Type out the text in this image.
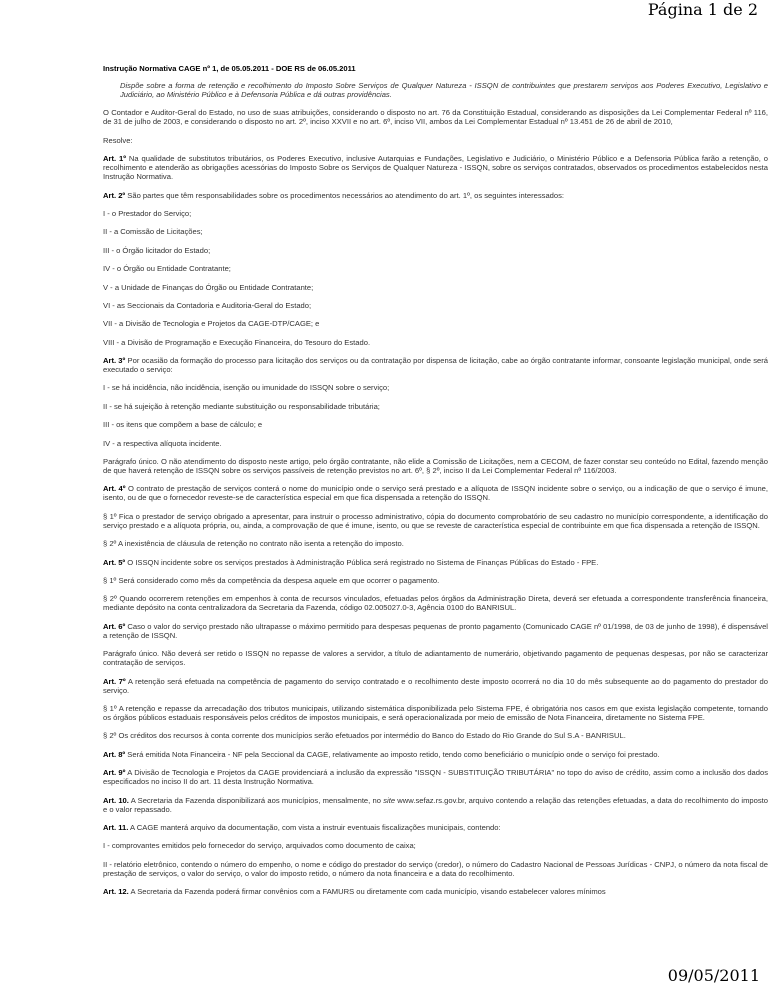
Página 1 de 2

Instrução Normativa CAGE nº 1, de 05.05.2011 - DOE RS de 06.05.2011

Dispõe sobre a forma de retenção e recolhimento do Imposto Sobre Serviços de Qualquer Natureza - ISSQN de contribuintes que prestarem serviços aos Poderes Executivo, Legislativo e Judiciário, ao Ministério Público e à Defensoria Pública e dá outras providências.

O Contador e Auditor-Geral do Estado, no uso de suas atribuições, considerando o disposto no art. 76 da Constituição Estadual, considerando as disposições da Lei Complementar Federal nº 116, de 31 de julho de 2003, e considerando o disposto no art. 2º, inciso XXVII e no art. 6º, inciso VII, ambos da Lei Complementar Estadual nº 13.451 de 26 de abril de 2010,

Resolve:

Art. 1º Na qualidade de substitutos tributários, os Poderes Executivo, inclusive Autarquias e Fundações, Legislativo e Judiciário, o Ministério Público e a Defensoria Pública farão a retenção, o recolhimento e atenderão as obrigações acessórias do Imposto Sobre os Serviços de Qualquer Natureza - ISSQN, sobre os serviços contratados, observados os procedimentos estabelecidos nesta Instrução Normativa.

Art. 2º São partes que têm responsabilidades sobre os procedimentos necessários ao atendimento do art. 1º, os seguintes interessados:

I - o Prestador do Serviço;

II - a Comissão de Licitações;

III - o Órgão licitador do Estado;

IV - o Órgão ou Entidade Contratante;

V - a Unidade de Finanças do Órgão ou Entidade Contratante;

VI - as Seccionais da Contadoria e Auditoria-Geral do Estado;

VII - a Divisão de Tecnologia e Projetos da CAGE-DTP/CAGE; e

VIII - a Divisão de Programação e Execução Financeira, do Tesouro do Estado.

Art. 3º Por ocasião da formação do processo para licitação dos serviços ou da contratação por dispensa de licitação, cabe ao órgão contratante informar, consoante legislação municipal, onde será executado o serviço:

I - se há incidência, não incidência, isenção ou imunidade do ISSQN sobre o serviço;

II - se há sujeição à retenção mediante substituição ou responsabilidade tributária;

III - os itens que compõem a base de cálculo; e

IV - a respectiva alíquota incidente.

Parágrafo único. O não atendimento do disposto neste artigo, pelo órgão contratante, não elide a Comissão de Licitações, nem a CECOM, de fazer constar seu conteúdo no Edital, fazendo menção de que haverá retenção de ISSQN sobre os serviços passíveis de retenção previstos no art. 6º, § 2º, inciso II da Lei Complementar Federal nº 116/2003.

Art. 4º O contrato de prestação de serviços conterá o nome do município onde o serviço será prestado e a alíquota de ISSQN incidente sobre o serviço, ou a indicação de que o serviço é imune, isento, ou de que o fornecedor reveste-se de característica especial em que fica dispensada a retenção do ISSQN.

§ 1º Fica o prestador de serviço obrigado a apresentar, para instruir o processo administrativo, cópia do documento comprobatório de seu cadastro no município correspondente, a identificação do serviço prestado e a alíquota própria, ou, ainda, a comprovação de que é imune, isento, ou que se reveste de característica especial de contribuinte em que fica dispensada a retenção de ISSQN.

§ 2º A inexistência de cláusula de retenção no contrato não isenta a retenção do imposto.

Art. 5º O ISSQN incidente sobre os serviços prestados à Administração Pública será registrado no Sistema de Finanças Públicas do Estado - FPE.

§ 1º Será considerado como mês da competência da despesa aquele em que ocorrer o pagamento.

§ 2º Quando ocorrerem retenções em empenhos à conta de recursos vinculados, efetuadas pelos órgãos da Administração Direta, deverá ser efetuada a correspondente transferência financeira, mediante depósito na conta centralizadora da Secretaria da Fazenda, código 02.005027.0-3, Agência 0100 do BANRISUL.

Art. 6º Caso o valor do serviço prestado não ultrapasse o máximo permitido para despesas pequenas de pronto pagamento (Comunicado CAGE nº 01/1998, de 03 de junho de 1998), é dispensável a retenção de ISSQN.

Parágrafo único. Não deverá ser retido o ISSQN no repasse de valores a servidor, a título de adiantamento de numerário, objetivando pagamento de pequenas despesas, por não se caracterizar contratação de serviços.

Art. 7º A retenção será efetuada na competência de pagamento do serviço contratado e o recolhimento deste imposto ocorrerá no dia 10 do mês subsequente ao do pagamento do prestador do serviço.

§ 1º A retenção e repasse da arrecadação dos tributos municipais, utilizando sistemática disponibilizada pelo Sistema FPE, é obrigatória nos casos em que exista legislação competente, tornando os órgãos públicos estaduais responsáveis pelos créditos de impostos municipais, e será operacionalizada por meio de emissão de Nota Financeira, diretamente no Sistema FPE.

§ 2º Os créditos dos recursos à conta corrente dos municípios serão efetuados por intermédio do Banco do Estado do Rio Grande do Sul S.A - BANRISUL.

Art. 8º Será emitida Nota Financeira - NF pela Seccional da CAGE, relativamente ao imposto retido, tendo como beneficiário o município onde o serviço foi prestado.

Art. 9º A Divisão de Tecnologia e Projetos da CAGE providenciará a inclusão da expressão "ISSQN - SUBSTITUIÇÃO TRIBUTÁRIA" no topo do aviso de crédito, assim como a inclusão dos dados especificados no inciso II do art. 11 desta Instrução Normativa.

Art. 10. A Secretaria da Fazenda disponibilizará aos municípios, mensalmente, no site www.sefaz.rs.gov.br, arquivo contendo a relação das retenções efetuadas, a data do recolhimento do imposto e o valor repassado.

Art. 11. A CAGE manterá arquivo da documentação, com vista a instruir eventuais fiscalizações municipais, contendo:

I - comprovantes emitidos pelo fornecedor do serviço, arquivados como documento de caixa;

II - relatório eletrônico, contendo o número do empenho, o nome e código do prestador do serviço (credor), o número do Cadastro Nacional de Pessoas Jurídicas - CNPJ, o número da nota fiscal de prestação de serviços, o valor do serviço, o valor do imposto retido, o número da nota financeira e a data do recolhimento.

Art. 12. A Secretaria da Fazenda poderá firmar convênios com a FAMURS ou diretamente com cada município, visando estabelecer valores mínimos

09/05/2011
